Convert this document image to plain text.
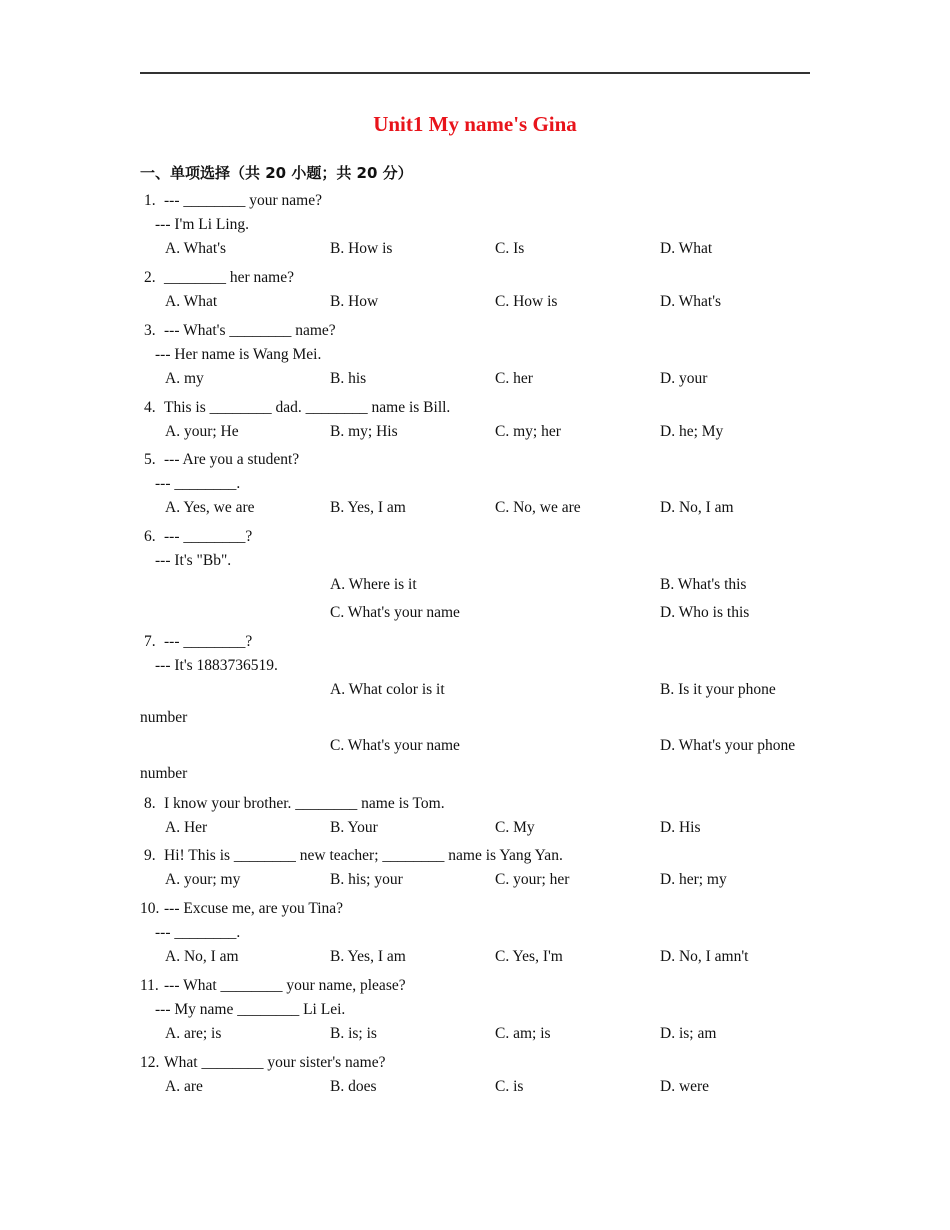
Unit1 My name's Gina
一、单项选择（共 20 小题；共 20 分）
1. --- ________ your name?
--- I'm Li Ling.
A. What's	B. How is	C. Is	D. What
2. ________ her name?
A. What	B. How	C. How is	D. What's
3. --- What's ________ name?
--- Her name is Wang Mei.
A. my	B. his	C. her	D. your
4. This is ________ dad. ________ name is Bill.
A. your; He	B. my; His	C. my; her	D. he; My
5. --- Are you a student?
--- ________.
A. Yes, we are	B. Yes, I am	C. No, we are	D. No, I am
6. --- ________?
--- It's "Bb".
A. Where is it	B. What's this
C. What's your name	D. Who is this
7. --- ________?
--- It's 1883736519.
A. What color is it	B. Is it your phone
number
C. What's your name	D. What's your phone
number
8. I know your brother. ________ name is Tom.
A. Her	B. Your	C. My	D. His
9. Hi! This is ________ new teacher; ________ name is Yang Yan.
A. your; my	B. his; your	C. your; her	D. her; my
10. --- Excuse me, are you Tina?
--- ________.
A. No, I am	B. Yes, I am	C. Yes, I'm	D. No, I amn't
11. --- What ________ your name, please?
--- My name ________ Li Lei.
A. are; is	B. is; is	C. am; is	D. is; am
12. What ________ your sister's name?
A. are	B. does	C. is	D. were
